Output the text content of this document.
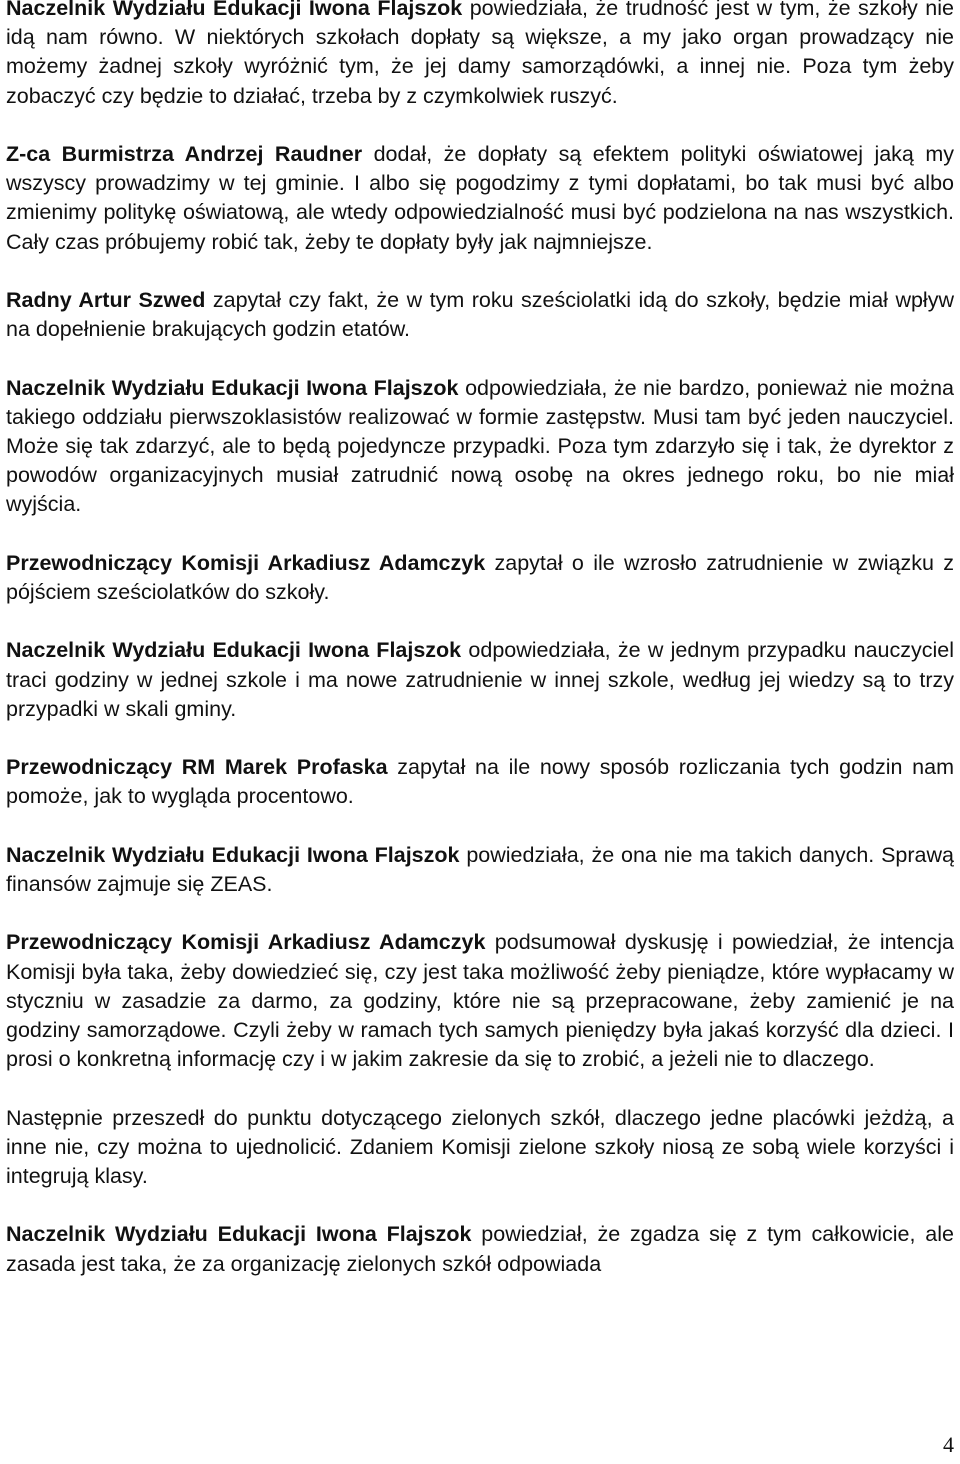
Naczelnik Wydziału Edukacji Iwona Flajszok powiedziała, że trudność jest w tym, że szkoły nie idą nam równo. W niektórych szkołach dopłaty są większe, a my jako organ prowadzący nie możemy żadnej szkoły wyróżnić tym, że jej damy samorządówki, a innej nie. Poza tym żeby zobaczyć czy będzie to działać, trzeba by z czymkolwiek ruszyć.

Z-ca Burmistrza Andrzej Raudner dodał, że dopłaty są efektem polityki oświatowej jaką my wszyscy prowadzimy w tej gminie. I albo się pogodzimy z tymi dopłatami, bo tak musi być albo zmienimy politykę oświatową, ale wtedy odpowiedzialność musi być podzielona na nas wszystkich. Cały czas próbujemy robić tak, żeby te dopłaty były jak najmniejsze.

Radny Artur Szwed zapytał czy fakt, że w tym roku sześciolatki idą do szkoły, będzie miał wpływ na dopełnienie brakujących godzin etatów.

Naczelnik Wydziału Edukacji Iwona Flajszok odpowiedziała, że nie bardzo, ponieważ nie można takiego oddziału pierwszoklasistów realizować w formie zastępstw. Musi tam być jeden nauczyciel. Może się tak zdarzyć, ale to będą pojedyncze przypadki. Poza tym zdarzyło się i tak, że dyrektor z powodów organizacyjnych musiał zatrudnić nową osobę na okres jednego roku, bo nie miał wyjścia.

Przewodniczący Komisji Arkadiusz Adamczyk zapytał o ile wzrosło zatrudnienie w związku z pójściem sześciolatków do szkoły.

Naczelnik Wydziału Edukacji Iwona Flajszok odpowiedziała, że w jednym przypadku nauczyciel traci godziny w jednej szkole i ma nowe zatrudnienie w innej szkole, według jej wiedzy są to trzy przypadki w skali gminy.

Przewodniczący RM Marek Profaska zapytał na ile nowy sposób rozliczania tych godzin nam pomoże, jak to wygląda procentowo.

Naczelnik Wydziału Edukacji Iwona Flajszok powiedziała, że ona nie ma takich danych. Sprawą finansów zajmuje się ZEAS.

Przewodniczący Komisji Arkadiusz Adamczyk podsumował dyskusję i powiedział, że intencja Komisji była taka, żeby dowiedzieć się, czy jest taka możliwość żeby pieniądze, które wypłacamy w styczniu w zasadzie za darmo, za godziny, które nie są przepracowane, żeby zamienić je na godziny samorządowe. Czyli żeby w ramach tych samych pieniędzy była jakaś korzyść dla dzieci. I prosi o konkretną informację czy i w jakim zakresie da się to zrobić, a jeżeli nie to dlaczego.

Następnie przeszedł do punktu dotyczącego zielonych szkół, dlaczego jedne placówki jeżdżą, a inne nie, czy można to ujednolicić. Zdaniem Komisji zielone szkoły niosą ze sobą wiele korzyści i integrują klasy.

Naczelnik Wydziału Edukacji Iwona Flajszok powiedział, że zgadza się z tym całkowicie, ale zasada jest taka, że za organizację zielonych szkół odpowiada

4
